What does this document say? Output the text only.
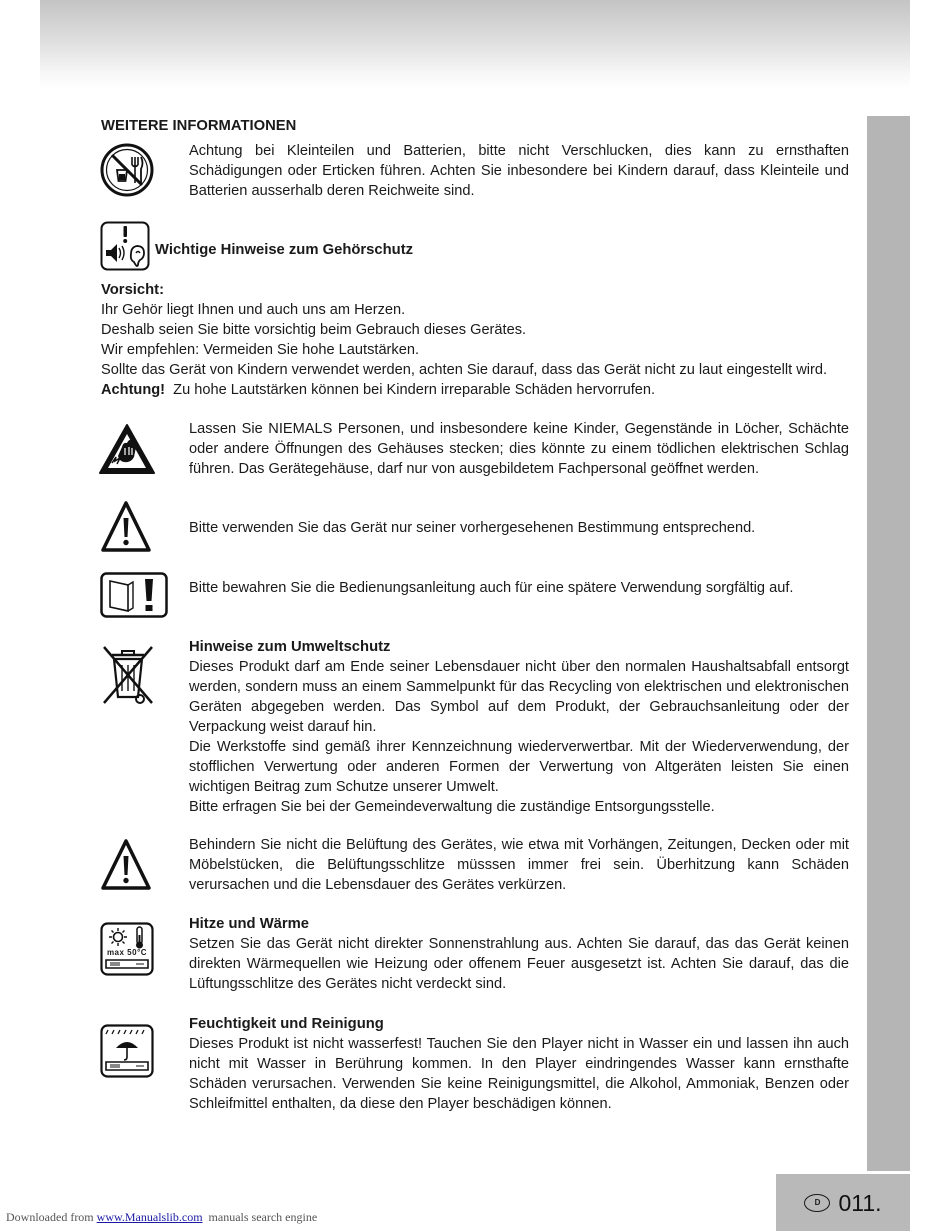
WEITERE INFORMATIONEN

Achtung bei Kleinteilen und Batterien, bitte nicht Verschlucken, dies kann zu ernsthaften Schädigungen oder Erticken führen. Achten Sie inbesondere bei Kindern darauf, dass Kleinteile und Batterien ausserhalb deren Reichweite sind.

Wichtige Hinweise zum Gehörschutz

Vorsicht:

Ihr Gehör liegt Ihnen und auch uns am Herzen.

Deshalb seien Sie bitte vorsichtig beim Gebrauch dieses Gerätes.

Wir empfehlen: Vermeiden Sie hohe Lautstärken.

Sollte das Gerät von Kindern verwendet werden, achten Sie darauf, dass das Gerät nicht zu laut eingestellt wird.

Achtung! Zu hohe Lautstärken können bei Kindern irreparable Schäden hervorrufen.

Lassen Sie NIEMALS Personen, und insbesondere keine Kinder, Gegenstände in Löcher, Schächte oder andere Öffnungen des Gehäuses stecken; dies könnte zu einem tödlichen elektrischen Schlag führen. Das Gerätegehäuse, darf nur von ausgebildetem Fachpersonal geöffnet werden.

Bitte verwenden Sie das Gerät nur seiner vorhergesehenen Bestimmung entsprechend.

Bitte bewahren Sie die Bedienungsanleitung auch für eine spätere Verwendung sorgfältig auf.

Hinweise zum Umweltschutz

Dieses Produkt darf am Ende seiner Lebensdauer nicht über den normalen Haushaltsabfall entsorgt werden, sondern muss an einem Sammelpunkt für das Recycling von elektrischen und elektronischen Geräten abgegeben werden. Das Symbol auf dem Produkt, der Gebrauchsanleitung oder der Verpackung weist darauf hin.

Die Werkstoffe sind gemäß ihrer Kennzeichnung wiederverwertbar. Mit der Wiederverwendung, der stofflichen Verwertung oder anderen Formen der Verwertung von Altgeräten leisten Sie einen wichtigen Beitrag zum Schutze unserer Umwelt.

Bitte erfragen Sie bei der Gemeindeverwaltung die zuständige Entsorgungsstelle.

Behindern Sie nicht die Belüftung des Gerätes, wie etwa mit Vorhängen, Zeitungen, Decken oder mit Möbelstücken, die Belüftungsschlitze müsssen immer frei sein. Überhitzung kann Schäden verursachen und die Lebensdauer des Gerätes verkürzen.

max 50°C

Hitze und Wärme

Setzen Sie das Gerät nicht direkter Sonnenstrahlung aus. Achten Sie darauf, das das Gerät keinen direkten Wärmequellen wie Heizung oder offenem Feuer ausgesetzt ist. Achten Sie darauf, das die Lüftungsschlitze des Gerätes nicht verdeckt sind.

Feuchtigkeit und Reinigung

Dieses Produkt ist nicht wasserfest! Tauchen Sie den Player nicht in Wasser ein und lassen ihn auch nicht mit Wasser in Berührung kommen. In den Player eindringendes Wasser kann ernsthafte Schäden verursachen. Verwenden Sie keine Reinigungsmittel, die Alkohol, Ammoniak, Benzen oder Schleifmittel enthalten, da diese den Player beschädigen können.

D 011.
Downloaded from www.Manualslib.com manuals search engine
